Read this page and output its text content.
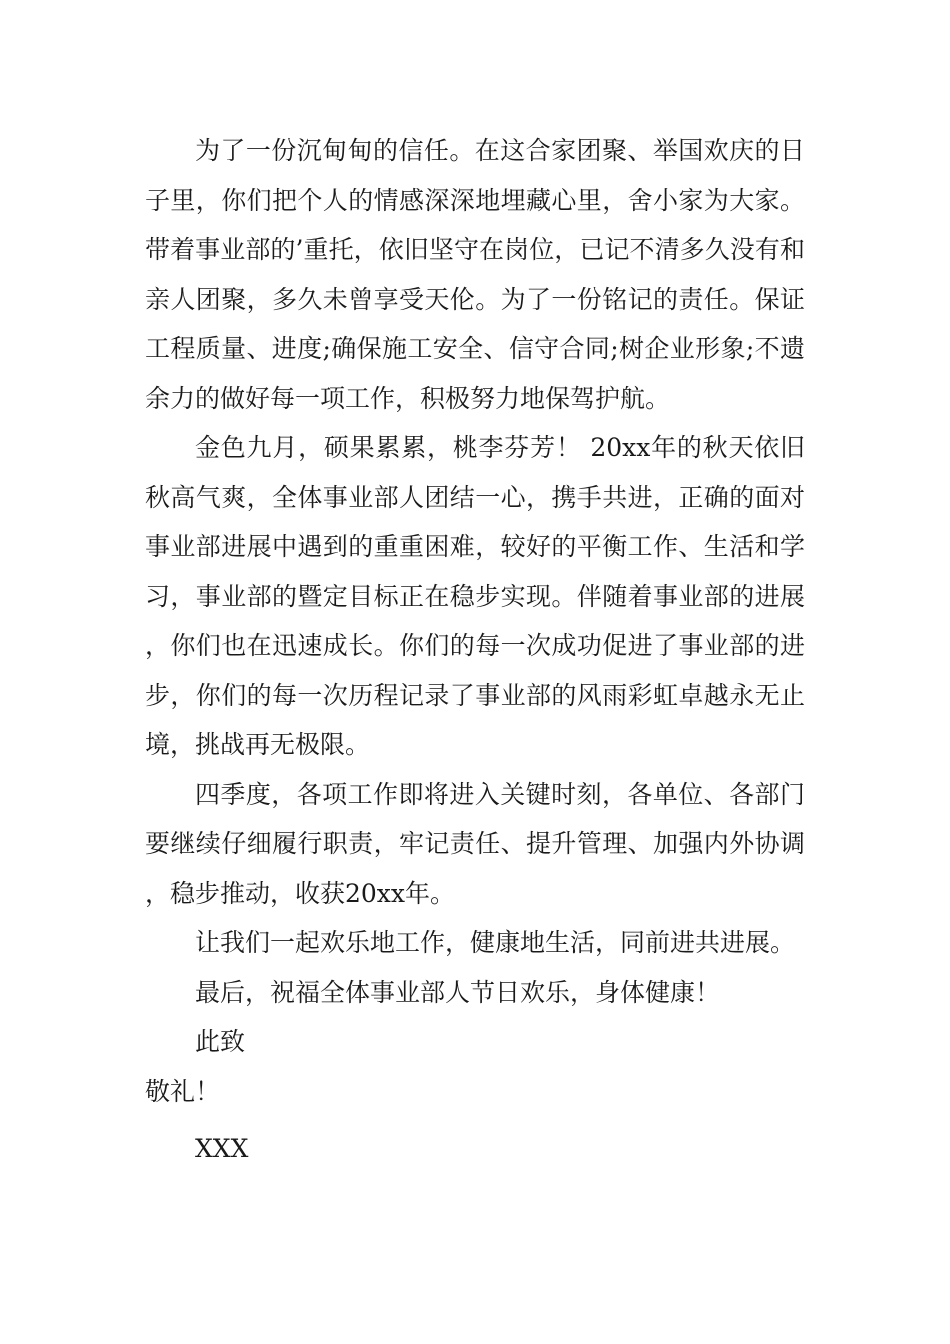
为了一份沉甸甸的信任。在这合家团聚、举国欢庆的日子里，你们把个人的情感深深地埋藏心里，舍小家为大家。带着事业部的’重托，依旧坚守在岗位，已记不清多久没有和亲人团聚，多久未曾享受天伦。为了一份铭记的责任。保证工程质量、进度;确保施工安全、信守合同;树企业形象;不遗余力的做好每一项工作，积极努力地保驾护航。

金色九月，硕果累累，桃李芬芳！ 20xx年的秋天依旧秋高气爽，全体事业部人团结一心，携手共进，正确的面对事业部进展中遇到的重重困难，较好的平衡工作、生活和学习，事业部的暨定目标正在稳步实现。伴随着事业部的进展，你们也在迅速成长。你们的每一次成功促进了事业部的进步，你们的每一次历程记录了事业部的风雨彩虹卓越永无止境，挑战再无极限。

四季度，各项工作即将进入关键时刻，各单位、各部门要继续仔细履行职责，牢记责任、提升管理、加强内外协调，稳步推动，收获20xx年。

让我们一起欢乐地工作，健康地生活，同前进共进展。

最后，祝福全体事业部人节日欢乐，身体健康！

此致

敬礼！

XXX
